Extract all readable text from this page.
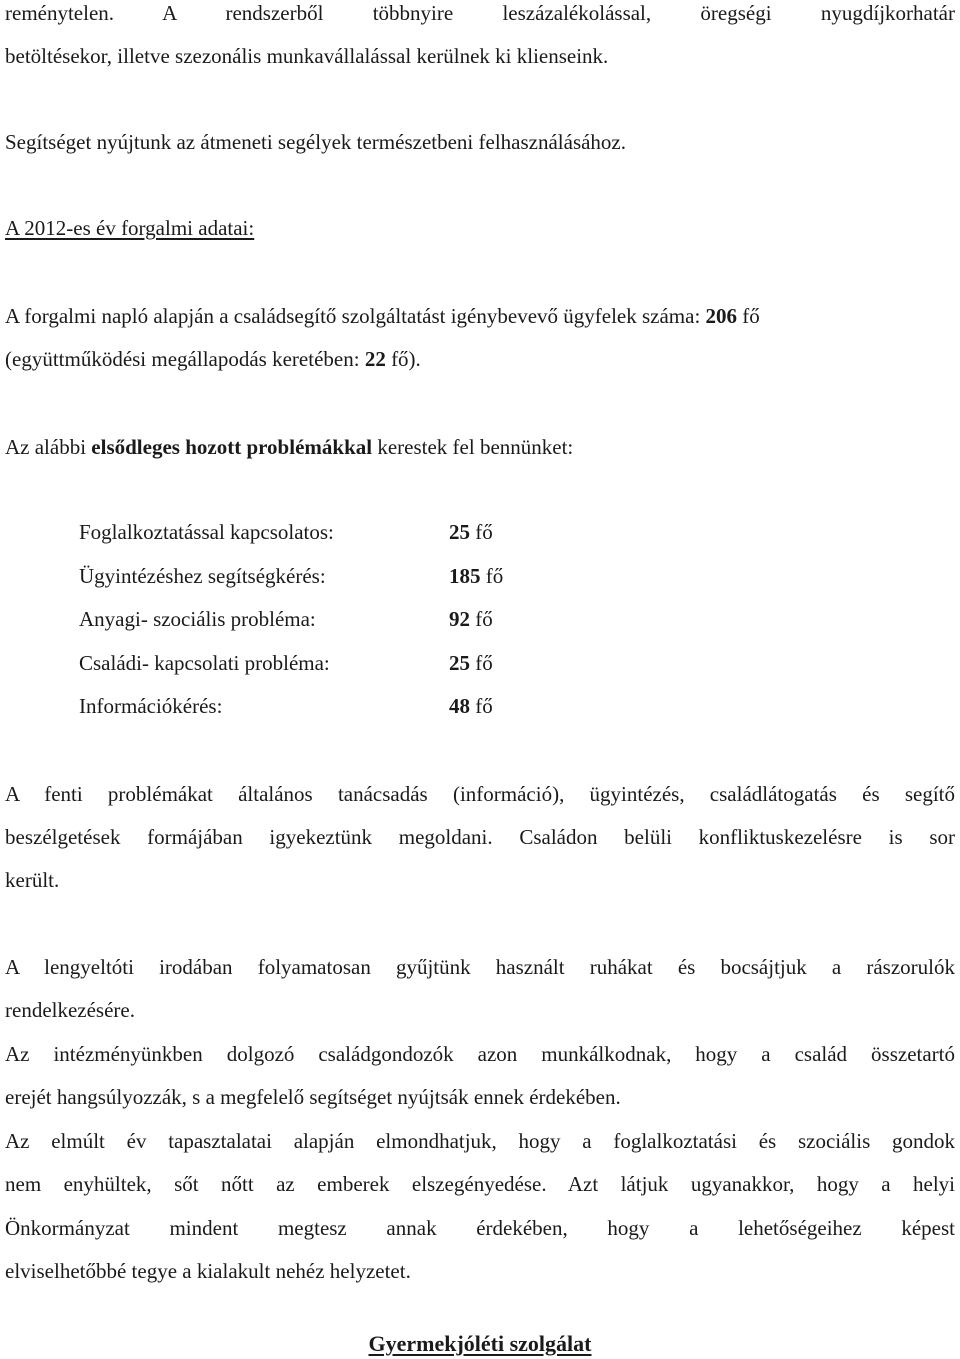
reménytelen. A rendszerből többnyire leszázalékolással, öregségi nyugdíjkorhatár
betöltésekor, illetve szezonális munkavállalással kerülnek ki klienseink.
Segítséget nyújtunk az átmeneti segélyek természetbeni felhasználásához.
A 2012-es év forgalmi adatai:
A forgalmi napló alapján a családsegítő szolgáltatást igénybevevő ügyfelek száma: 206 fő
(együttműködési megállapodás keretében: 22 fő).
Az alábbi elsődleges hozott problémákkal kerestek fel bennünket:
Foglalkoztatással kapcsolatos:	25 fő
Ügyintézéshez segítségkérés:	185 fő
Anyagi- szociális probléma:	92 fő
Családi- kapcsolati probléma:	25 fő
Információkérés:	48 fő
A fenti problémákat általános tanácsadás (információ), ügyintézés, családlátogatás és segítő
beszélgetések formájában igyekeztünk megoldani. Családon belüli konfliktuskezelésre is sor
került.
A lengyeltóti irodában folyamatosan gyűjtünk használt ruhákat és bocsájtjuk a rászorulók
rendelkezésére.
Az intézményünkben dolgozó családgondozók azon munkálkodnak, hogy a család összetartó
erejét hangsúlyozzák, s a megfelelő segítséget nyújtsák ennek érdekében.
Az elmúlt év tapasztalatai alapján elmondhatjuk, hogy a foglalkoztatási és szociális gondok
nem enyhültek, sőt nőtt az emberek elszegényedése. Azt látjuk ugyanakkor, hogy a helyi
Önkormányzat mindent megtesz annak érdekében, hogy a lehetőségeihez képest
elviselhetőbbé tegye a kialakult nehéz helyzetet.
Gyermekjóléti szolgálat
